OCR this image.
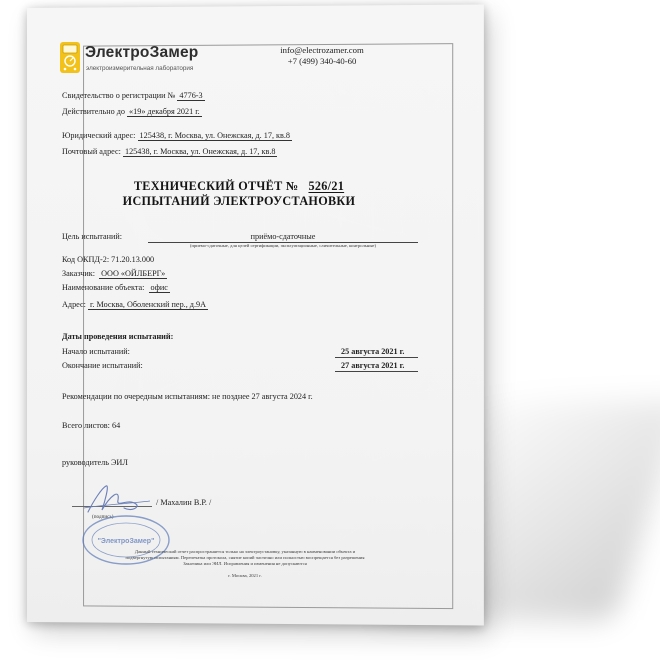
ЭлектроЗамер
электроизмерительная лаборатория
info@electrozamer.com
+7 (499) 340-40-60
Свидетельство о регистрации № 4776-3
Действительно до «19» декабря 2021 г.
Юридический адрес: 125438, г. Москва, ул. Онежская, д. 17, кв.8
Почтовый адрес: 125438, г. Москва, ул. Онежская, д. 17, кв.8
ТЕХНИЧЕСКИЙ ОТЧЁТ № 526/21
ИСПЫТАНИЙ ЭЛЕКТРОУСТАНОВКИ
Цель испытаний:	приёмо-сдаточные
(приемо-сдаточные, для целей сертификации, эксплуатационные, сличительные, контрольные)
Код ОКПД-2: 71.20.13.000
Заказчик: ООО «ОЙЛБЕРГ»
Наименование объекта: офис
Адрес: г. Москва, Оболенский пер., д.9А
Даты проведения испытаний:
Начало испытаний:	25 августа 2021 г.
Окончание испытаний:	27 августа 2021 г.
Рекомендации по очередным испытаниям: не позднее 27 августа 2024 г.
Всего листов: 64
руководитель ЭИЛ
/ Махалин В.Р. /
(подпись)
"ЭлектроЗамер"
Данный технический отчет распространяется только на электроустановку, указанную в наименовании объекта и
подвергнутую испытаниям. Перепечатка протокола, снятие копий частично или полностью воспрещается без разрешения
Заказчика или ЭИЛ. Исправления и изменения не допускаются
г. Москва, 2021 г.
